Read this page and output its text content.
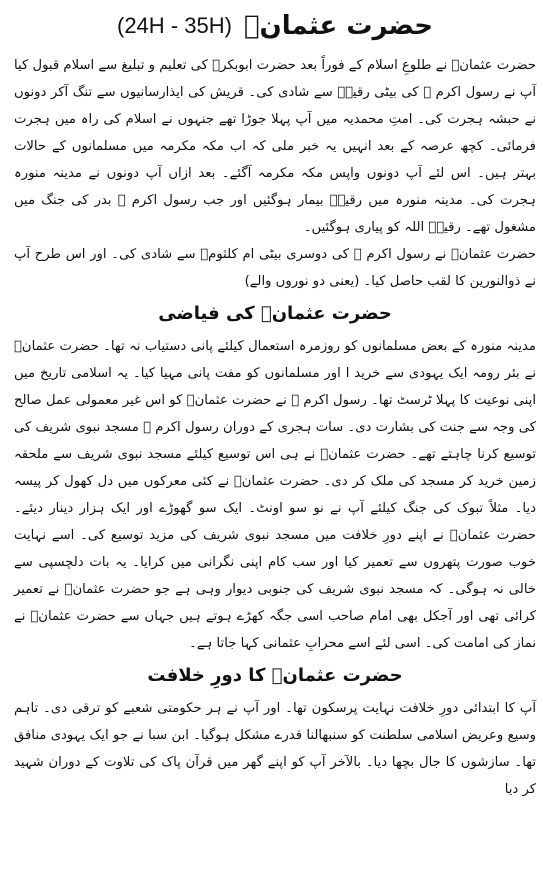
حضرت عثمانؓ
(24H - 35H)

حضرت عثمانؓ نے طلوعِ اسلام کے فوراً بعد حضرت ابوبکرؓ کی تعلیم و تبلیغ سے اسلام قبول کیا آپ نے رسول اکرم ﷺ کی بیٹی رقیہؓ سے شادی کی۔ قریش کی ایذارسانیوں سے تنگ آکر دونوں نے حبشہ ہجرت کی۔ امتِ محمدیہ میں آپ پہلا جوڑا تھے جنہوں نے اسلام کی راہ میں ہجرت فرمائی۔ کچھ عرصہ کے بعد انہیں یہ خبر ملی کہ اب مکہ مکرمہ میں مسلمانوں کے حالات بہتر ہیں۔ اس لئے آپ دونوں واپس مکہ مکرمہ آگئے۔ بعد ازاں آپ دونوں نے مدینہ منورہ ہجرت کی۔ مدینہ منورہ میں رقیہؓ بیمار ہوگئیں اور جب رسول اکرم ﷺ بدر کی جنگ میں مشغول تھے۔ رقیہؓ اللہ کو پیاری ہوگئیں۔

حضرت عثمانؓ نے رسول اکرم ﷺ کی دوسری بیٹی ام کلثومؓ سے شادی کی۔ اور اس طرح آپ نے ذوالنورین کا لقب حاصل کیا۔ (یعنی دو نوروں والے)

حضرت عثمانؓ کی فیاضی

مدینہ منورہ کے بعض مسلمانوں کو روزمرہ استعمال کیلئے پانی دستیاب نہ تھا۔ حضرت عثمانؓ نے بئر رومہ ایک یہودی سے خرید ا اور مسلمانوں کو مفت پانی مہیا کیا۔ یہ اسلامی تاریخ میں اپنی نوعیت کا پہلا ٹرسٹ تھا۔ رسول اکرم ﷺ نے حضرت عثمانؓ کو اس غیر معمولی عمل صالح کی وجہ سے جنت کی بشارت دی۔ سات ہجری کے دوران رسول اکرم ﷺ مسجد نبوی شریف کی توسیع کرنا چاہتے تھے۔ حضرت عثمانؓ نے ہی اس توسیع کیلئے مسجد نبوی شریف سے ملحقہ زمین خرید کر مسجد کی ملک کر دی۔ حضرت عثمانؓ نے کئی معرکوں میں دل کھول کر پیسہ دیا۔ مثلاً تبوک کی جنگ کیلئے آپ نے نو سو اونٹ۔ ایک سو گھوڑے اور ایک ہزار دینار دیئے۔ حضرت عثمانؓ نے اپنے دورِ خلافت میں مسجد نبوی شریف کی مزید توسیع کی۔ اسے نہایت خوب صورت پتھروں سے تعمیر کیا اور سب کام اپنی نگرانی میں کرایا۔ یہ بات دلچسپی سے خالی نہ ہوگی۔ کہ مسجد نبوی شریف کی جنوبی دیوار وہی ہے جو حضرت عثمانؓ نے تعمیر کرائی تھی اور آجکل بھی امام صاحب اسی جگہ کھڑے ہوتے ہیں جہاں سے حضرت عثمانؓ نے نماز کی امامت کی۔ اسی لئے اسے محرابِ عثمانی کہا جاتا ہے۔

حضرت عثمانؓ کا دورِ خلافت

آپ کا ابتدائی دورِ خلافت نہایت پرسکون تھا۔ اور آپ نے ہر حکومتی شعبے کو ترقی دی۔ تاہم وسیع وعریض اسلامی سلطنت کو سنبھالنا قدرے مشکل ہوگیا۔ ابن سبا نے جو ایک یہودی منافق تھا۔ سازشوں کا جال بچھا دیا۔ بالآخر آپ کو اپنے گھر میں قرآن پاک کی تلاوت کے دوران شہید کر دیا
